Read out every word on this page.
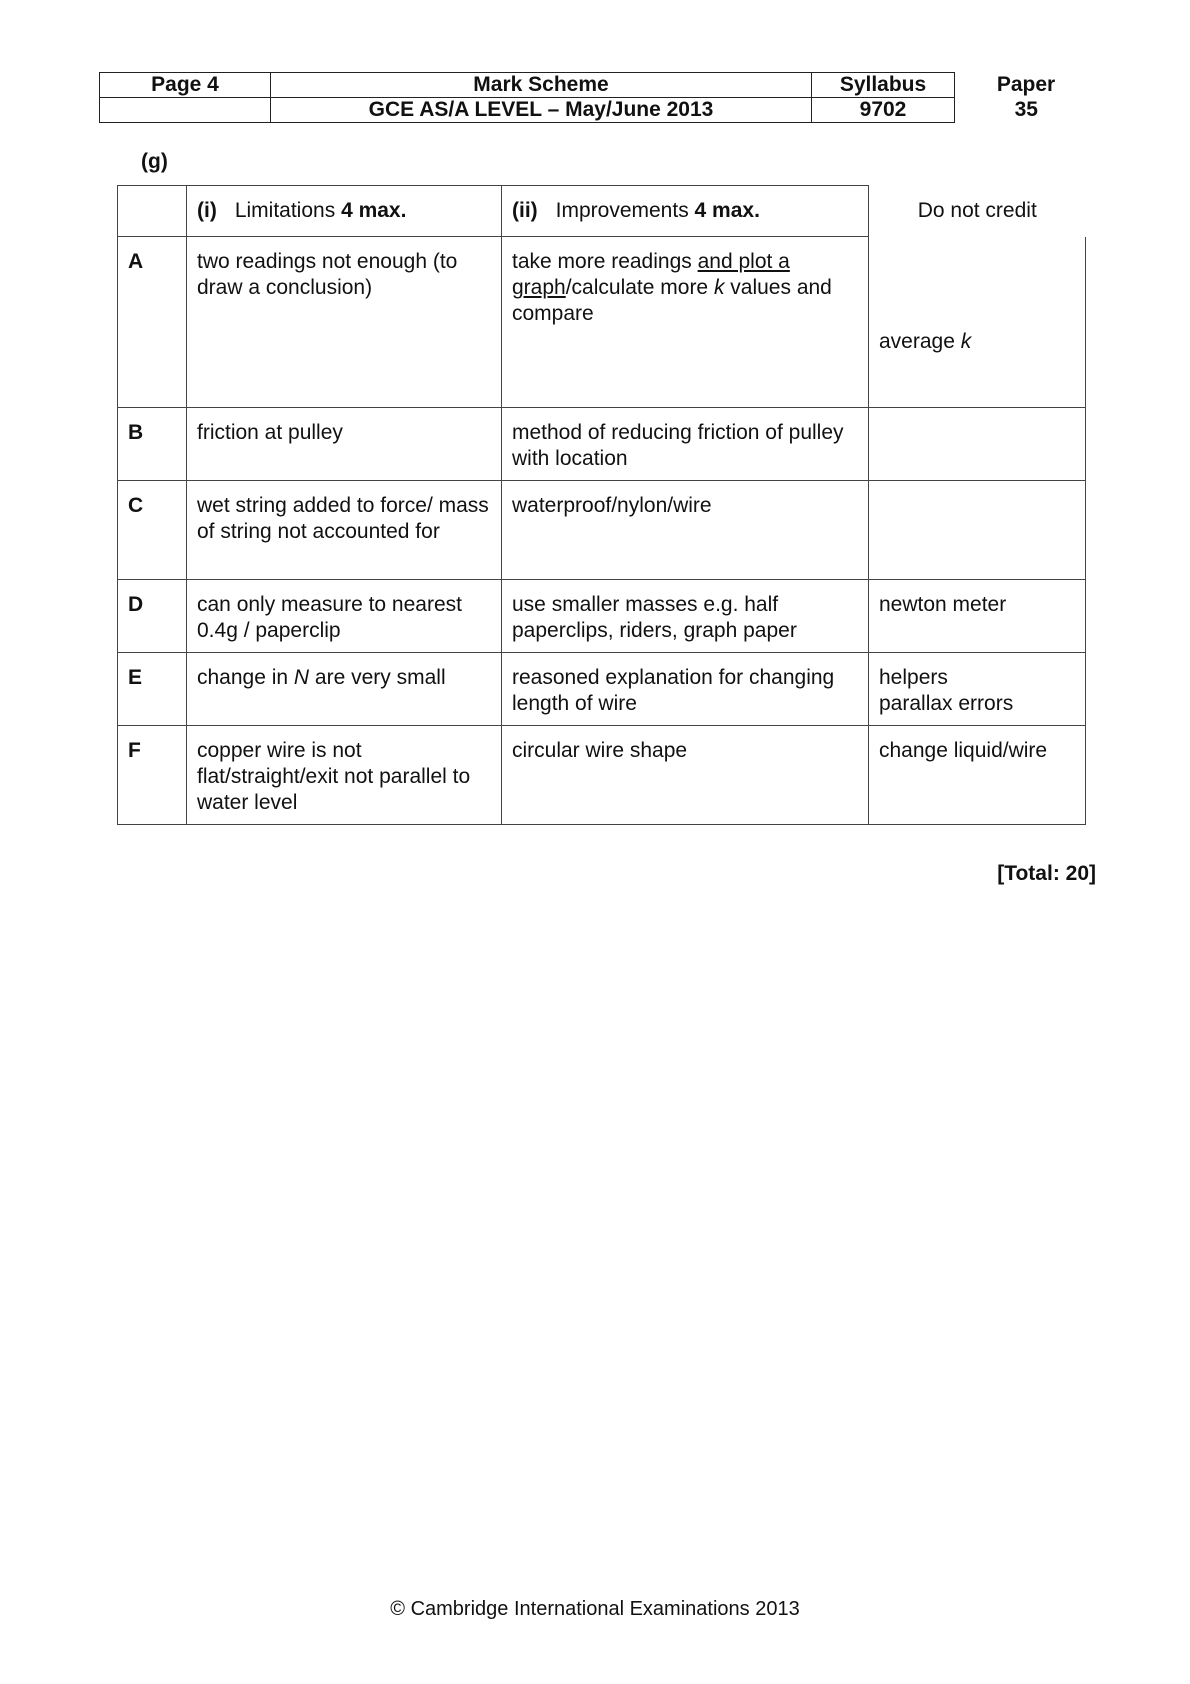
Page 4	Mark Scheme	Syllabus	Paper
	GCE AS/A LEVEL – May/June 2013	9702	35
(g)
	(i) Limitations 4 max.	(ii) Improvements 4 max.	Do not credit
A	two readings not enough (to draw a conclusion)	take more readings and plot a graph/calculate more k values and compare	average k

B	friction at pulley	method of reducing friction of pulley with location	
C	wet string added to force/ mass of string not accounted for	waterproof/nylon/wire	
D	can only measure to nearest 0.4g / paperclip	use smaller masses e.g. half paperclips, riders, graph paper	newton meter
E	change in N are very small	reasoned explanation for changing length of wire	helpers
parallax errors
F	copper wire is not flat/straight/exit not parallel to water level	circular wire shape	change liquid/wire
[Total: 20]
© Cambridge International Examinations 2013
